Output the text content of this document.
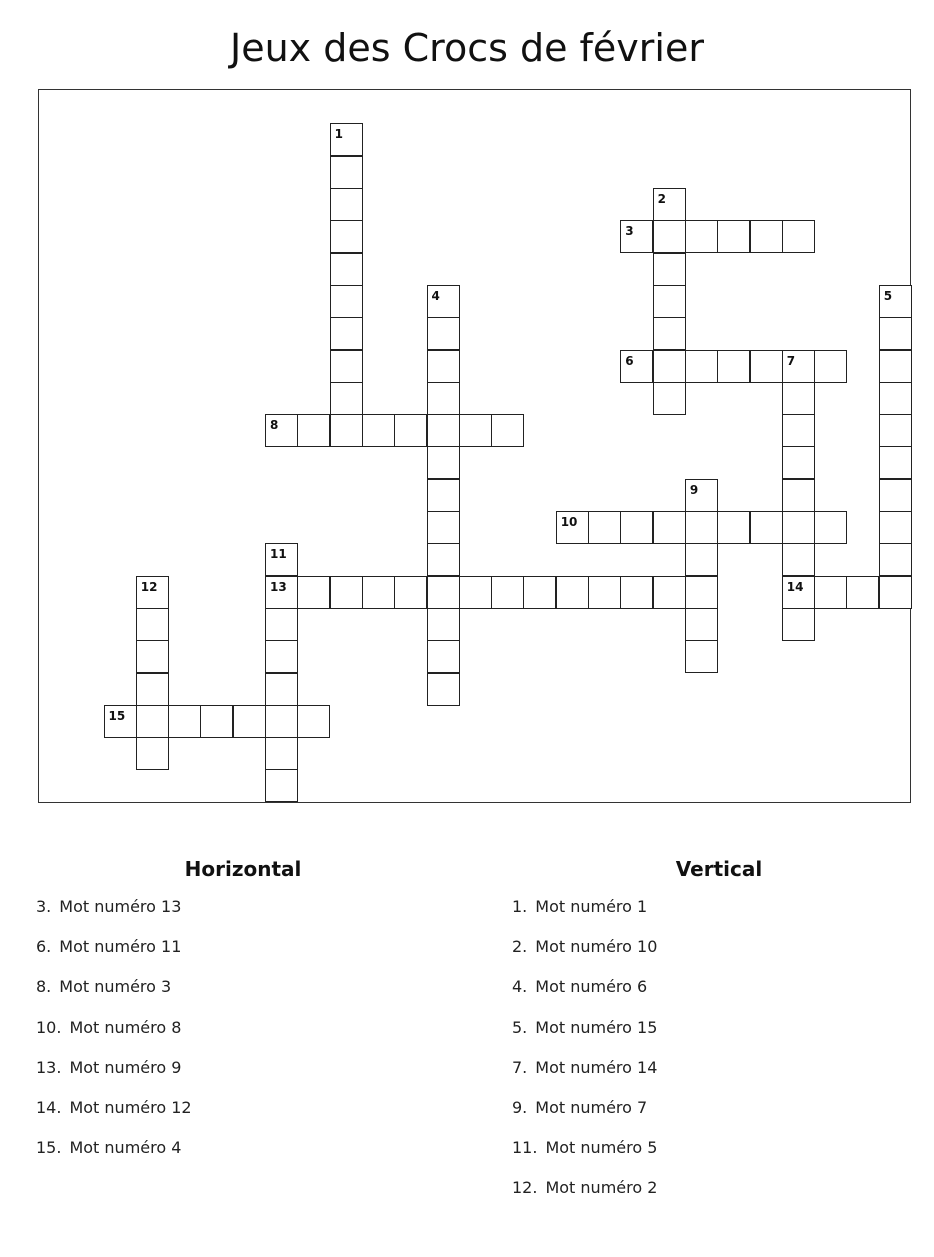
Jeux des Crocs de février
1
2
3
4	5
6	7
14
8
9
10
11
13
12
15
Horizontal
3. Mot numéro 13
6. Mot numéro 11
8. Mot numéro 3
10. Mot numéro 8
13. Mot numéro 9
14. Mot numéro 12
15. Mot numéro 4
Vertical
1. Mot numéro 1
2. Mot numéro 10
4. Mot numéro 6
5. Mot numéro 15
7. Mot numéro 14
9. Mot numéro 7
11. Mot numéro 5
12. Mot numéro 2
